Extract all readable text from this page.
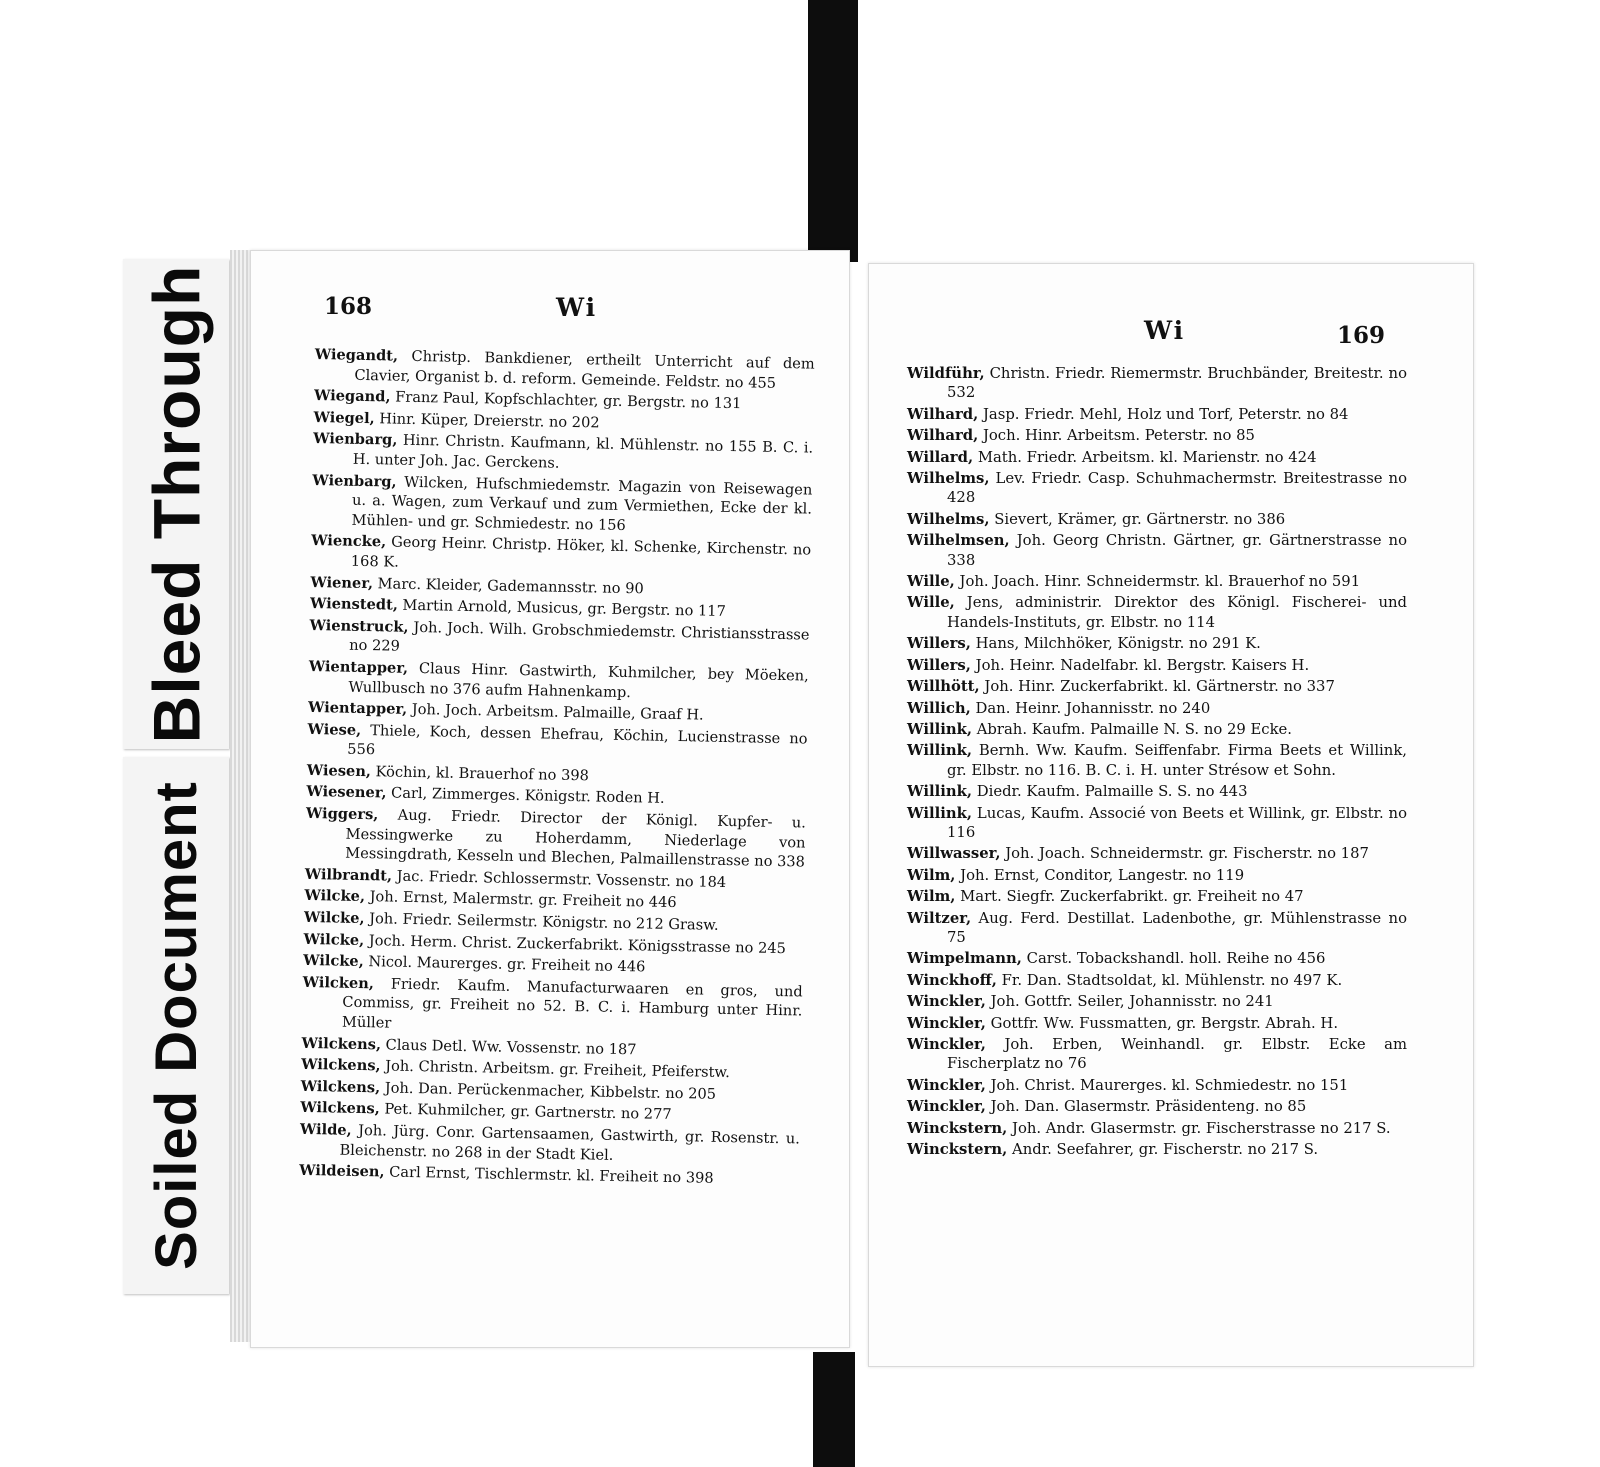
Bleed Through
Soiled Document
168	Wi

Wiegandt, Christp. Bankdiener, ertheilt Unterricht auf dem Clavier, Organist b. d. reform. Gemeinde. Feldstr. no 455

Wiegand, Franz Paul, Kopfschlachter, gr. Bergstr. no 131

Wiegel, Hinr. Küper, Dreierstr. no 202

Wienbarg, Hinr. Christn. Kaufmann, kl. Mühlenstr. no 155 B. C. i. H. unter Joh. Jac. Gerckens.

Wienbarg, Wilcken, Hufschmiedemstr. Magazin von Reisewagen u. a. Wagen, zum Verkauf und zum Vermiethen, Ecke der kl. Mühlen- und gr. Schmiedestr. no 156

Wiencke, Georg Heinr. Christp. Höker, kl. Schenke, Kirchenstr. no 168 K.

Wiener, Marc. Kleider, Gademannsstr. no 90

Wienstedt, Martin Arnold, Musicus, gr. Bergstr. no 117

Wienstruck, Joh. Joch. Wilh. Grobschmiedemstr. Christiansstrasse no 229

Wientapper, Claus Hinr. Gastwirth, Kuhmilcher, bey Möeken, Wullbusch no 376 aufm Hahnenkamp.

Wientapper, Joh. Joch. Arbeitsm. Palmaille, Graaf H.

Wiese, Thiele, Koch, dessen Ehefrau, Köchin, Lucienstrasse no 556

Wiesen, Köchin, kl. Brauerhof no 398

Wiesener, Carl, Zimmerges. Königstr. Roden H.

Wiggers, Aug. Friedr. Director der Königl. Kupfer- u. Messingwerke zu Hoherdamm, Niederlage von Messingdrath, Kesseln und Blechen, Palmaillenstrasse no 338

Wilbrandt, Jac. Friedr. Schlossermstr. Vossenstr. no 184

Wilcke, Joh. Ernst, Malermstr. gr. Freiheit no 446

Wilcke, Joh. Friedr. Seilermstr. Königstr. no 212 Grasw.

Wilcke, Joch. Herm. Christ. Zuckerfabrikt. Königsstrasse no 245

Wilcke, Nicol. Maurerges. gr. Freiheit no 446

Wilcken, Friedr. Kaufm. Manufacturwaaren en gros, und Commiss, gr. Freiheit no 52. B. C. i. Hamburg unter Hinr. Müller

Wilckens, Claus Detl. Ww. Vossenstr. no 187

Wilckens, Joh. Christn. Arbeitsm. gr. Freiheit, Pfeiferstw.

Wilckens, Joh. Dan. Perückenmacher, Kibbelstr. no 205

Wilckens, Pet. Kuhmilcher, gr. Gartnerstr. no 277

Wilde, Joh. Jürg. Conr. Gartensaamen, Gastwirth, gr. Rosenstr. u. Bleichenstr. no 268 in der Stadt Kiel.

Wildeisen, Carl Ernst, Tischlermstr. kl. Freiheit no 398

Wi	169

Wildführ, Christn. Friedr. Riemermstr. Bruchbänder, Breitestr. no 532

Wilhard, Jasp. Friedr. Mehl, Holz und Torf, Peterstr. no 84

Wilhard, Joch. Hinr. Arbeitsm. Peterstr. no 85

Willard, Math. Friedr. Arbeitsm. kl. Marienstr. no 424

Wilhelms, Lev. Friedr. Casp. Schuhmachermstr. Breitestrasse no 428

Wilhelms, Sievert, Krämer, gr. Gärtnerstr. no 386

Wilhelmsen, Joh. Georg Christn. Gärtner, gr. Gärtnerstrasse no 338

Wille, Joh. Joach. Hinr. Schneidermstr. kl. Brauerhof no 591

Wille, Jens, administrir. Direktor des Königl. Fischerei- und Handels-Instituts, gr. Elbstr. no 114

Willers, Hans, Milchhöker, Königstr. no 291 K.

Willers, Joh. Heinr. Nadelfabr. kl. Bergstr. Kaisers H.

Willhött, Joh. Hinr. Zuckerfabrikt. kl. Gärtnerstr. no 337

Willich, Dan. Heinr. Johannisstr. no 240

Willink, Abrah. Kaufm. Palmaille N. S. no 29 Ecke.

Willink, Bernh. Ww. Kaufm. Seiffenfabr. Firma Beets et Willink, gr. Elbstr. no 116. B. C. i. H. unter Strésow et Sohn.

Willink, Diedr. Kaufm. Palmaille S. S. no 443

Willink, Lucas, Kaufm. Associé von Beets et Willink, gr. Elbstr. no 116

Willwasser, Joh. Joach. Schneidermstr. gr. Fischerstr. no 187

Wilm, Joh. Ernst, Conditor, Langestr. no 119

Wilm, Mart. Siegfr. Zuckerfabrikt. gr. Freiheit no 47

Wiltzer, Aug. Ferd. Destillat. Ladenbothe, gr. Mühlenstrasse no 75

Wimpelmann, Carst. Tobackshandl. holl. Reihe no 456

Winckhoff, Fr. Dan. Stadtsoldat, kl. Mühlenstr. no 497 K.

Winckler, Joh. Gottfr. Seiler, Johannisstr. no 241

Winckler, Gottfr. Ww. Fussmatten, gr. Bergstr. Abrah. H.

Winckler, Joh. Erben, Weinhandl. gr. Elbstr. Ecke am Fischerplatz no 76

Winckler, Joh. Christ. Maurerges. kl. Schmiedestr. no 151

Winckler, Joh. Dan. Glasermstr. Präsidenteng. no 85

Winckstern, Joh. Andr. Glasermstr. gr. Fischerstrasse no 217 S.

Winckstern, Andr. Seefahrer, gr. Fischerstr. no 217 S.
